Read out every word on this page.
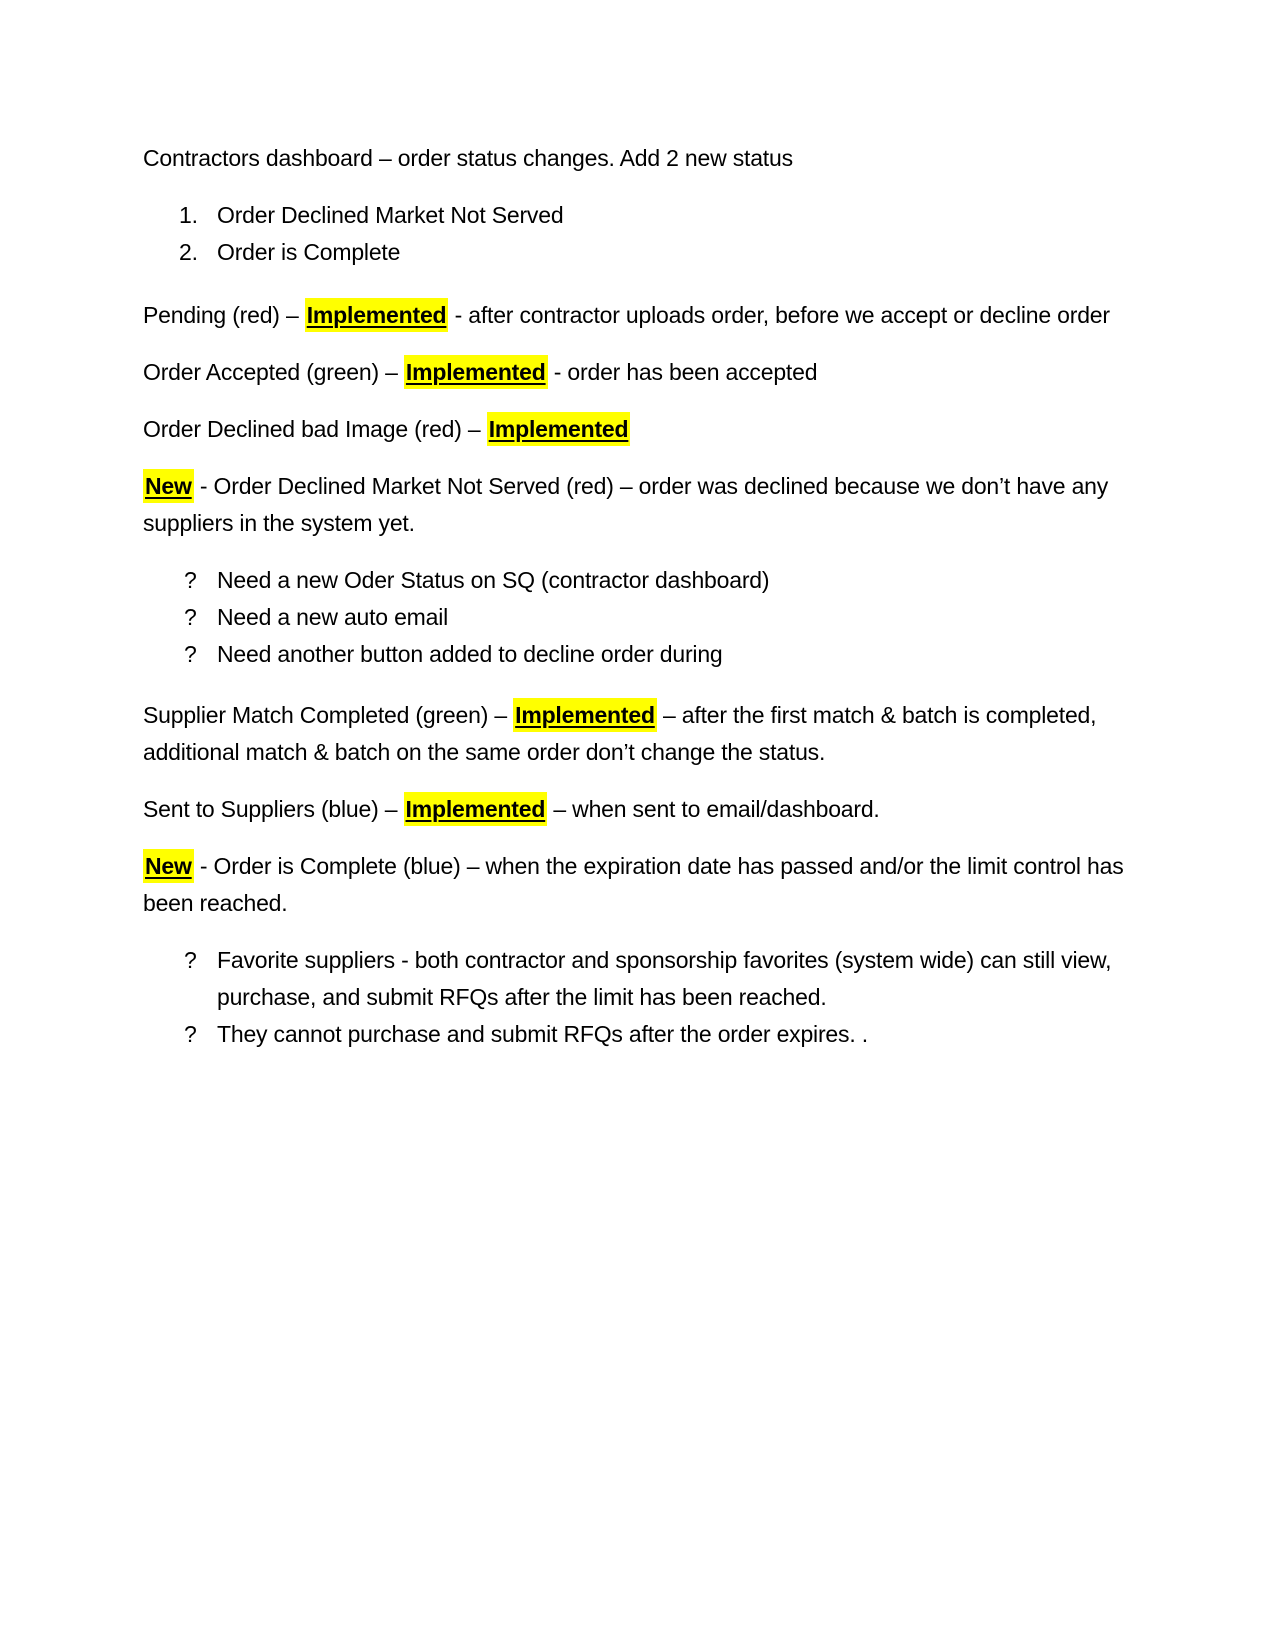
Contractors dashboard – order status changes. Add 2 new status
1. Order Declined Market Not Served
2. Order is Complete
Pending (red) – Implemented - after contractor uploads order, before we accept or decline order
Order Accepted (green) – Implemented - order has been accepted
Order Declined bad Image (red) – Implemented
New - Order Declined Market Not Served (red) – order was declined because we don’t have any suppliers in the system yet.
? Need a new Oder Status on SQ (contractor dashboard)
? Need a new auto email
? Need another button added to decline order during
Supplier Match Completed (green) – Implemented – after the first match & batch is completed, additional match & batch on the same order don’t change the status.
Sent to Suppliers (blue) – Implemented – when sent to email/dashboard.
New - Order is Complete (blue) – when the expiration date has passed and/or the limit control has been reached.
? Favorite suppliers - both contractor and sponsorship favorites (system wide) can still view, purchase, and submit RFQs after the limit has been reached.
? They cannot purchase and submit RFQs after the order expires. .
